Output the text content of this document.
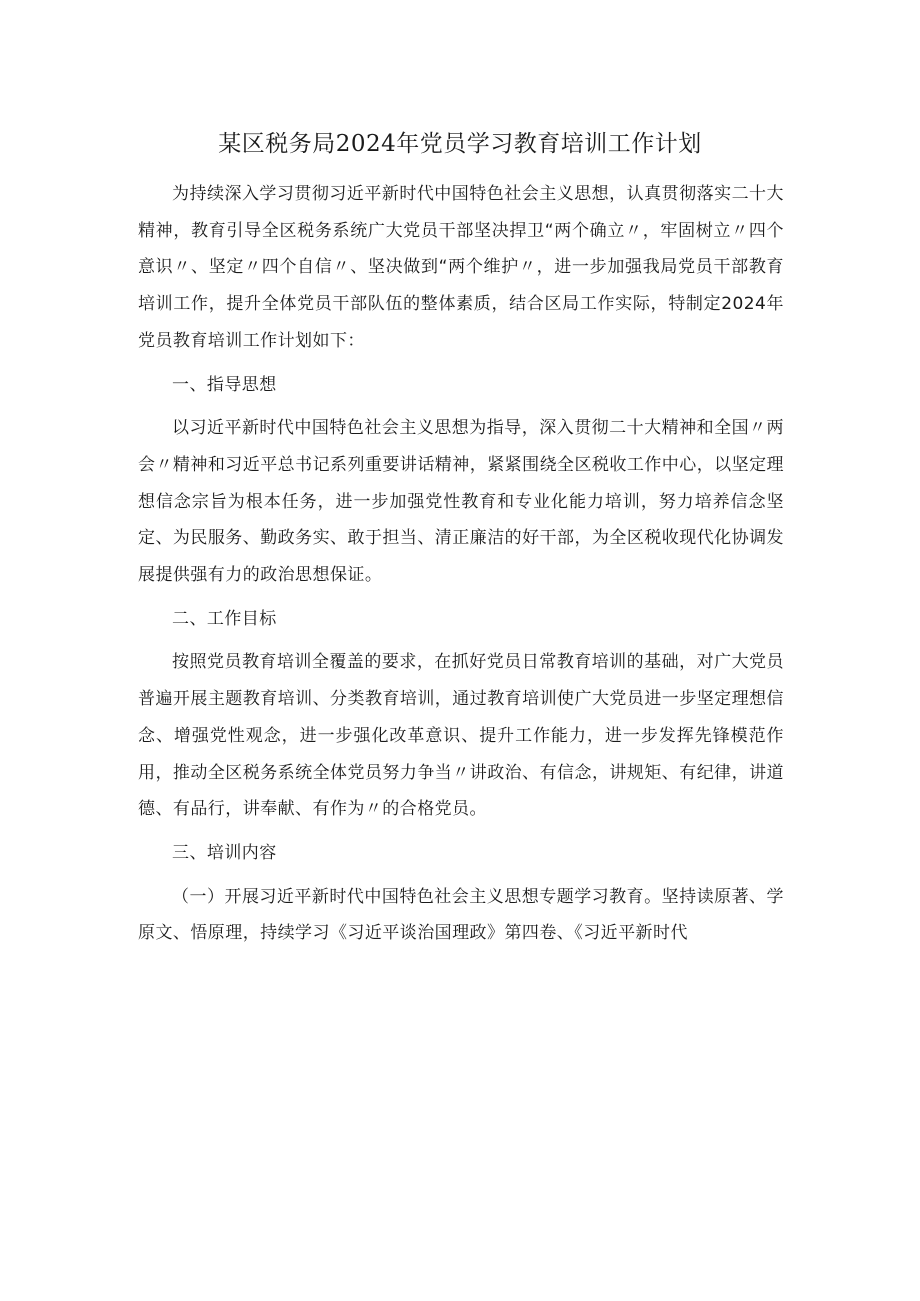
某区税务局2024年党员学习教育培训工作计划

为持续深入学习贯彻习近平新时代中国特色社会主义思想，认真贯彻落实二十大精神，教育引导全区税务系统广大党员干部坚决捍卫“两个确立〃，牢固树立〃四个意识〃、坚定〃四个自信〃、坚决做到“两个维护〃，进一步加强我局党员干部教育培训工作，提升全体党员干部队伍的整体素质，结合区局工作实际，特制定2024年党员教育培训工作计划如下：

一、指导思想

以习近平新时代中国特色社会主义思想为指导，深入贯彻二十大精神和全国〃两会〃精神和习近平总书记系列重要讲话精神，紧紧围绕全区税收工作中心，以坚定理想信念宗旨为根本任务，进一步加强党性教育和专业化能力培训，努力培养信念坚定、为民服务、勤政务实、敢于担当、清正廉洁的好干部，为全区税收现代化协调发展提供强有力的政治思想保证。

二、工作目标

按照党员教育培训全覆盖的要求，在抓好党员日常教育培训的基础，对广大党员普遍开展主题教育培训、分类教育培训，通过教育培训使广大党员进一步坚定理想信念、增强党性观念，进一步强化改革意识、提升工作能力，进一步发挥先锋模范作用，推动全区税务系统全体党员努力争当〃讲政治、有信念，讲规矩、有纪律，讲道德、有品行，讲奉献、有作为〃的合格党员。

三、培训内容

（一）开展习近平新时代中国特色社会主义思想专题学习教育。坚持读原著、学原文、悟原理，持续学习《习近平谈治国理政》第四卷、《习近平新时代
